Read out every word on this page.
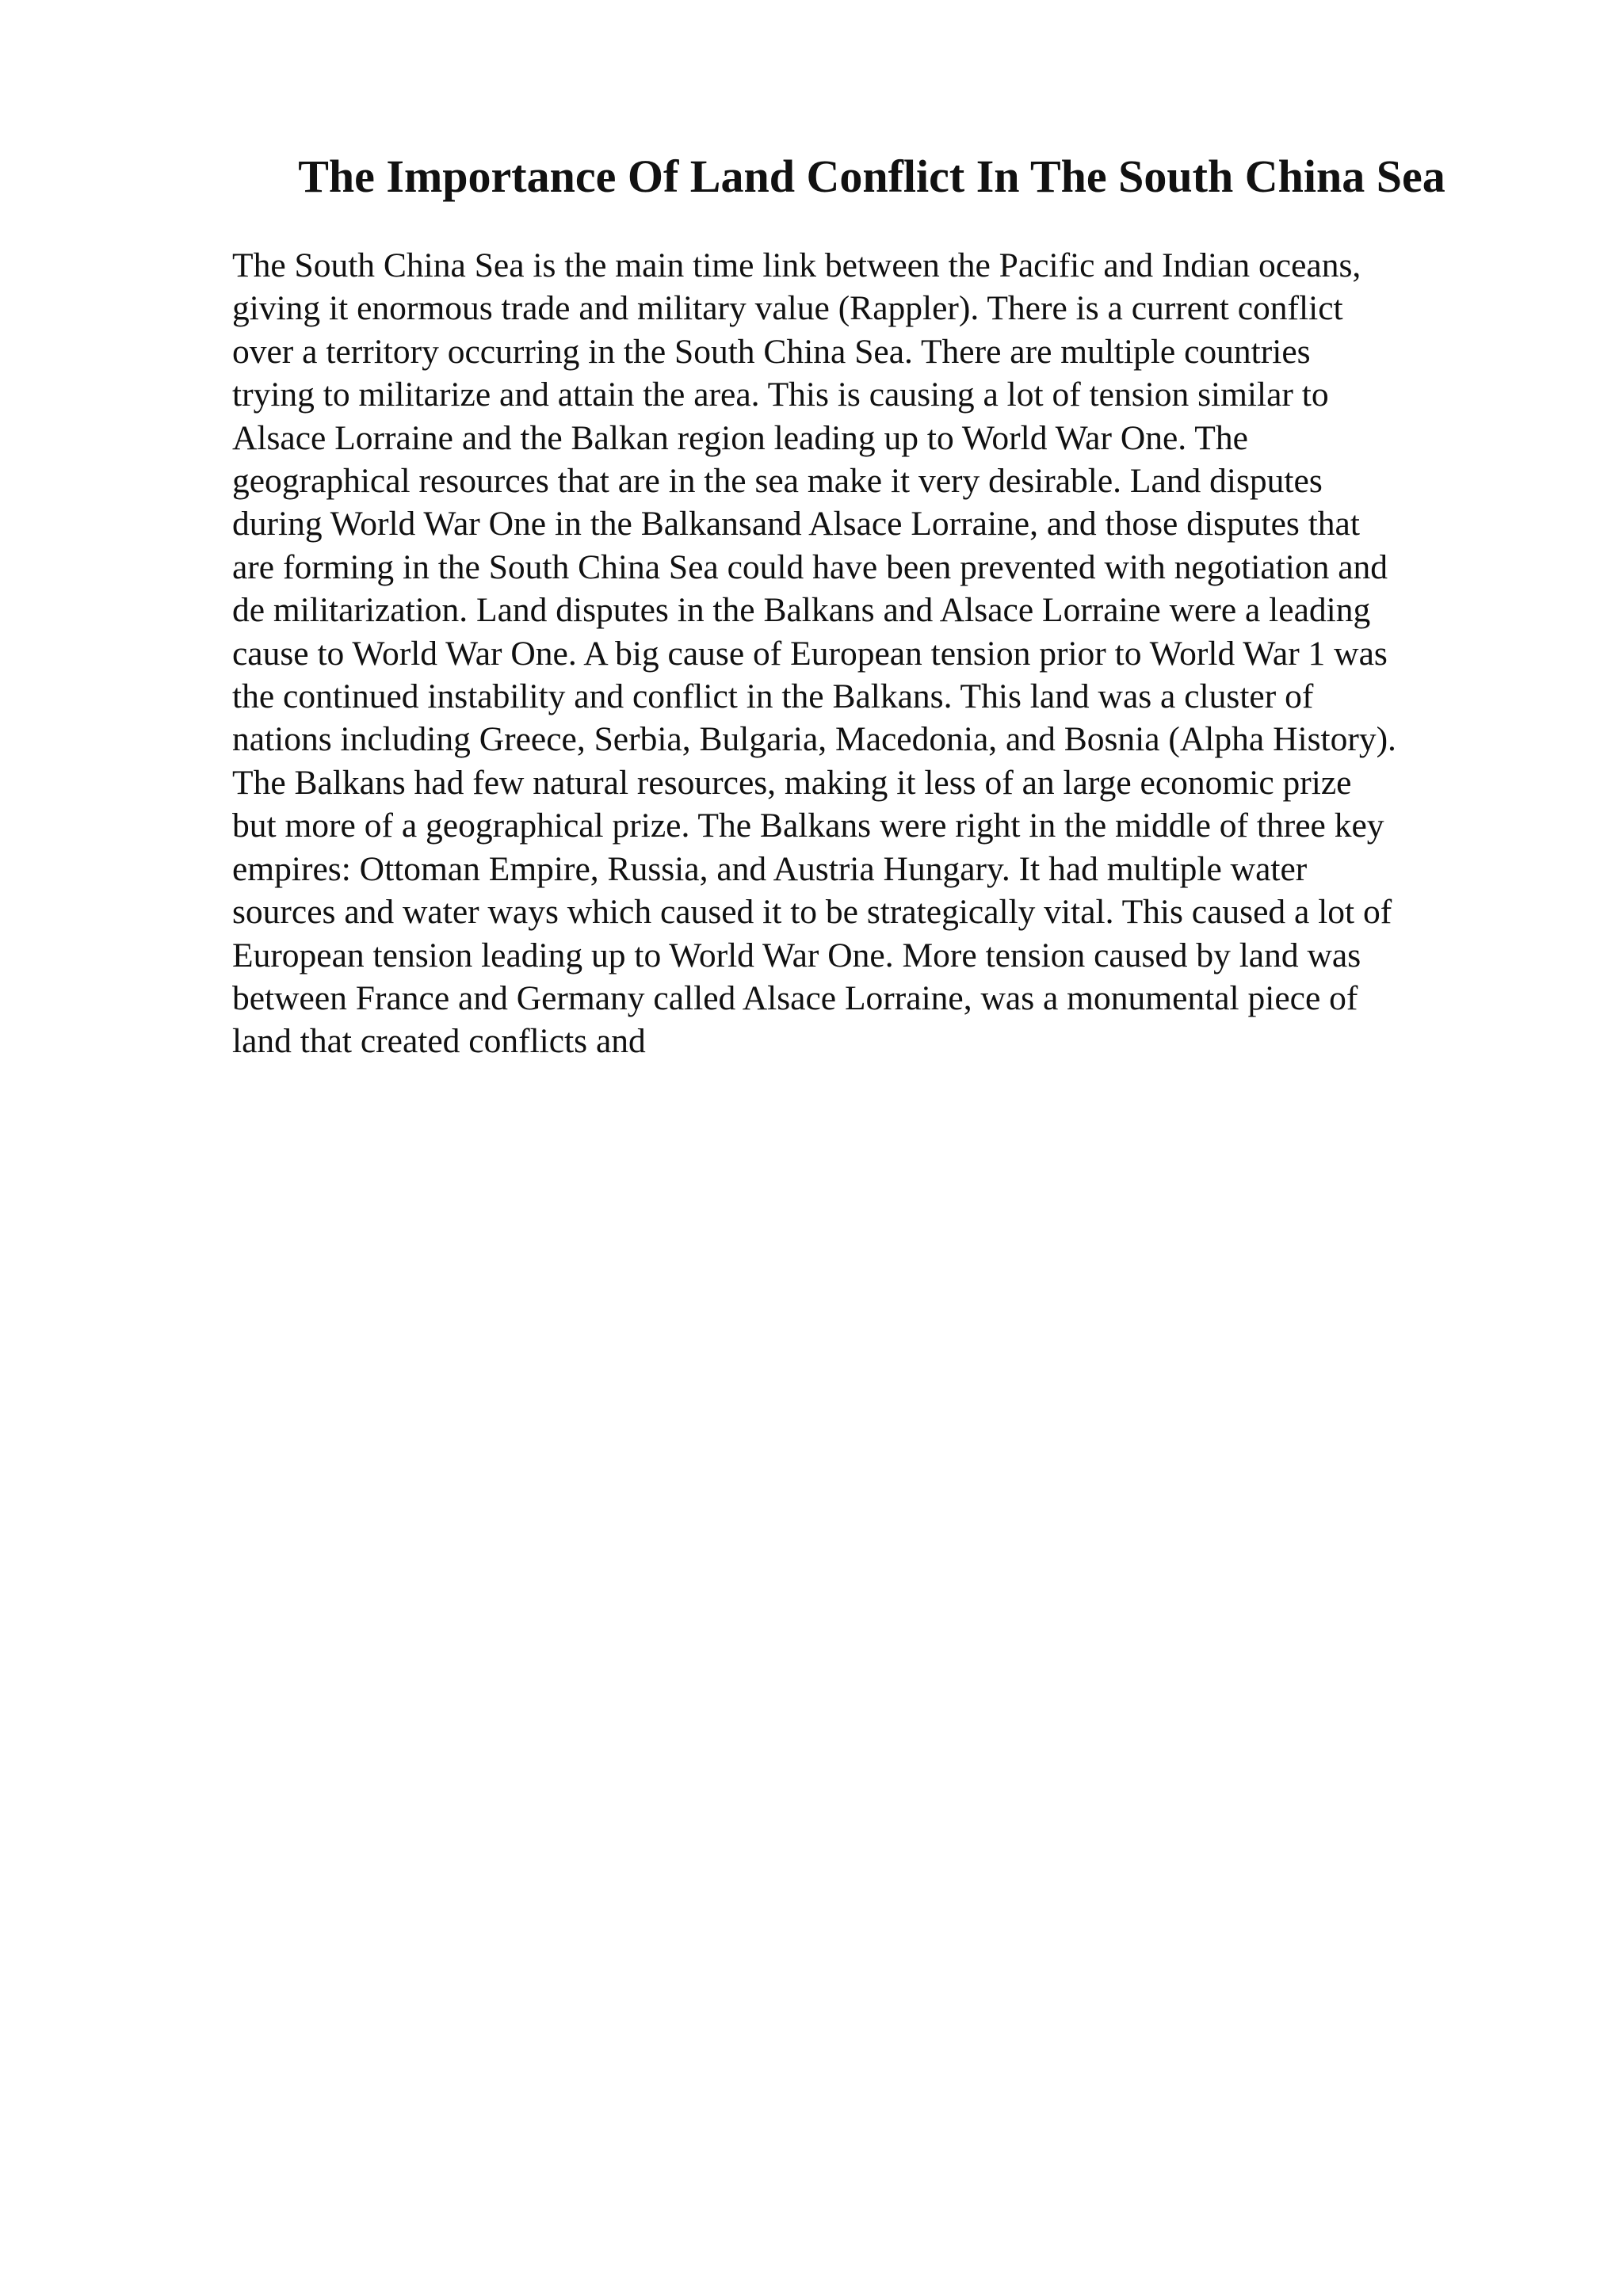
The Importance Of Land Conflict In The South China Sea
The South China Sea is the main time link between the Pacific and Indian oceans,
giving it enormous trade and military value (Rappler). There is a current conflict
over a territory occurring in the South China Sea. There are multiple countries
trying to militarize and attain the area. This is causing a lot of tension similar to
Alsace Lorraine and the Balkan region leading up to World War One. The
geographical resources that are in the sea make it very desirable. Land disputes
during World War One in the Balkansand Alsace Lorraine, and those disputes that
are forming in the South China Sea could have been prevented with negotiation and
de militarization. Land disputes in the Balkans and Alsace Lorraine were a leading
cause to World War One. A big cause of European tension prior to World War 1 was
the continued instability and conflict in the Balkans. This land was a cluster of
nations including Greece, Serbia, Bulgaria, Macedonia, and Bosnia (Alpha History).
The Balkans had few natural resources, making it less of an large economic prize
but more of a geographical prize. The Balkans were right in the middle of three key
empires: Ottoman Empire, Russia, and Austria Hungary. It had multiple water
sources and water ways which caused it to be strategically vital. This caused a lot of
European tension leading up to World War One. More tension caused by land was
between France and Germany called Alsace Lorraine, was a monumental piece of
land that created conflicts and
